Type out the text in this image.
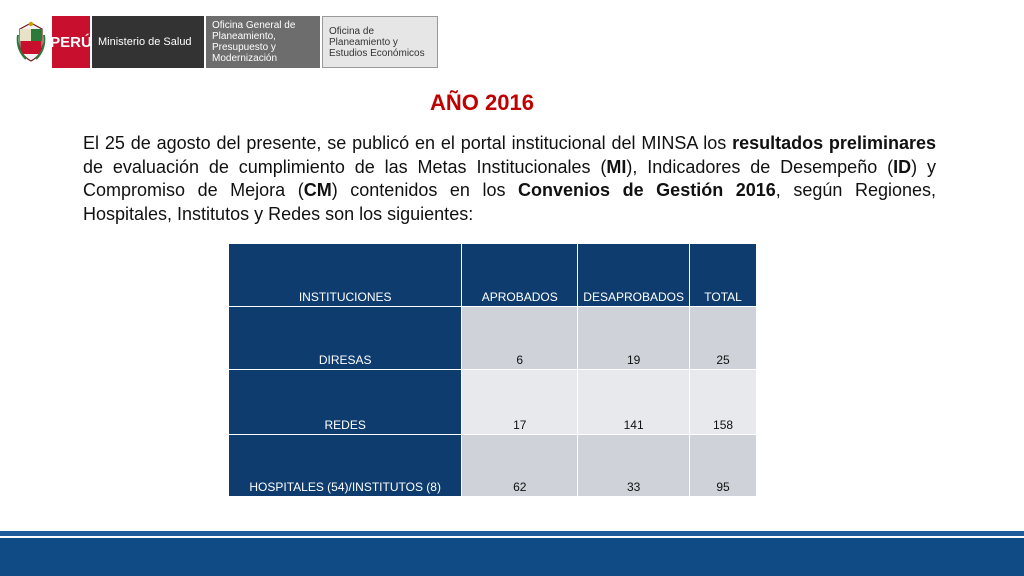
PERÚ Ministerio de Salud
Oficina General de Planeamiento, Presupuesto y Modernización
Oficina de Planeamiento y Estudios Económicos
AÑO 2016
El 25 de agosto del presente, se publicó en el portal institucional del MINSA los resultados preliminares de evaluación de cumplimiento de las Metas Institucionales (MI), Indicadores de Desempeño (ID) y Compromiso de Mejora (CM) contenidos en los Convenios de Gestión 2016, según Regiones, Hospitales, Institutos y Redes son los siguientes:
INSTITUCIONES	APROBADOS	DESAPROBADOS	TOTAL
DIRESAS	6	19	25
REDES	17	141	158
HOSPITALES (54)/INSTITUTOS (8)	62	33	95
